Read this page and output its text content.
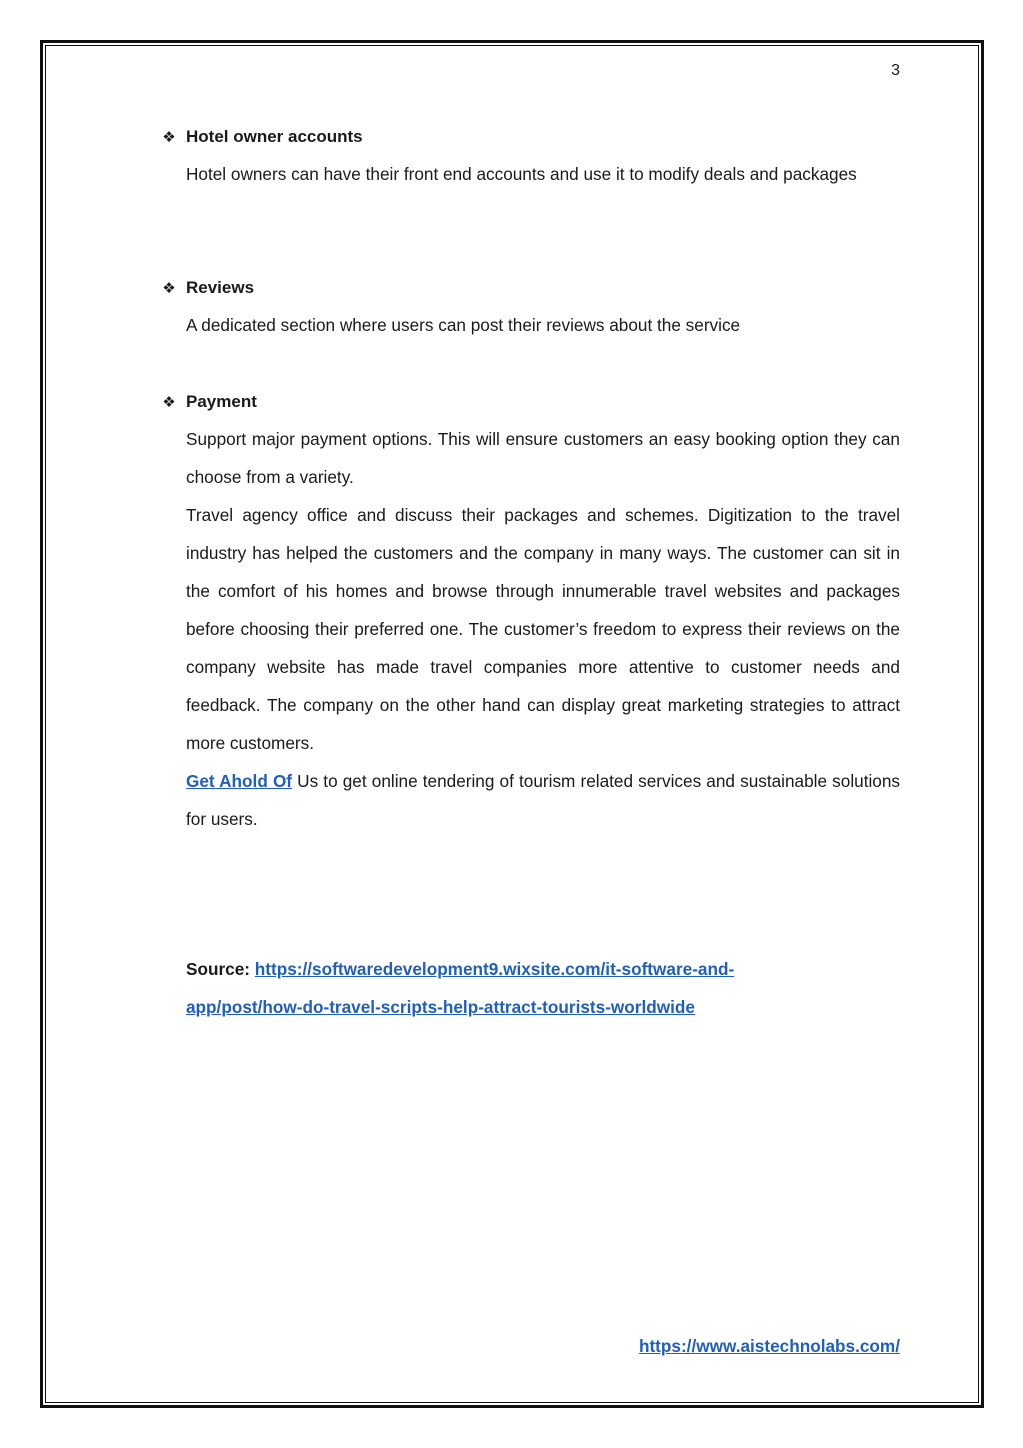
3
❖ Hotel owner accounts

Hotel owners can have their front end accounts and use it to modify deals and packages

❖ Reviews

A dedicated section where users can post their reviews about the service

❖ Payment

Support major payment options. This will ensure customers an easy booking option they can choose from a variety.

Travel agency office and discuss their packages and schemes. Digitization to the travel industry has helped the customers and the company in many ways. The customer can sit in the comfort of his homes and browse through innumerable travel websites and packages before choosing their preferred one. The customer’s freedom to express their reviews on the company website has made travel companies more attentive to customer needs and feedback. The company on the other hand can display great marketing strategies to attract more customers.

Get Ahold Of Us to get online tendering of tourism related services and sustainable solutions for users.

Source: https://softwaredevelopment9.wixsite.com/it-software-and-
app/post/how-do-travel-scripts-help-attract-tourists-worldwide
https://www.aistechnolabs.com/
